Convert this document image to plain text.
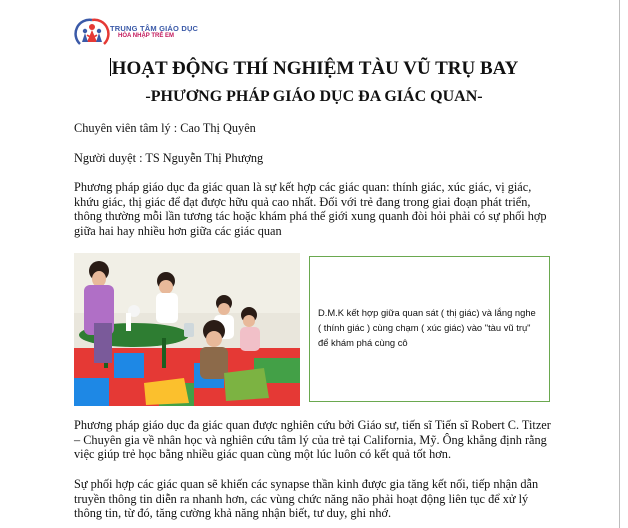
TRUNG TÂM GIÁO DỤC
HÒA NHẬP TRẺ EM
HOẠT ĐỘNG THÍ NGHIỆM TÀU VŨ TRỤ BAY
-PHƯƠNG PHÁP GIÁO DỤC ĐA GIÁC QUAN-
Chuyên viên tâm lý : Cao Thị Quyên
Người duyệt : TS Nguyễn Thị Phượng
Phương pháp giáo dục đa giác quan là sự kết hợp các giác quan: thính giác, xúc giác, vị giác,
khứu giác, thị giác để đạt được hữu quả cao nhất. Đối với trẻ đang trong giai đoạn phát triển,
thông thường mỗi lần tương tác hoặc khám phá thế giới xung quanh đòi hỏi phải có sự phối hợp
giữa hai hay nhiều hơn giữa các giác quan
D.M.K kết hợp giữa quan sát ( thị giác) và lắng nghe ( thính giác ) cùng chạm ( xúc giác) vào "tàu vũ trụ" để khám phá cùng cô
Phương pháp giáo dục đa giác quan được nghiên cứu bởi Giáo sư, tiến sĩ Tiến sĩ Robert C. Titzer
– Chuyên gia về nhân học và nghiên cứu tâm lý của trẻ tại California, Mỹ. Ông khẳng định rằng
việc giúp trẻ học bằng nhiều giác quan cùng một lúc luôn có kết quả tốt hơn.
Sự phối hợp các giác quan sẽ khiến các synapse thần kinh được gia tăng kết nối, tiếp nhận dẫn
truyền thông tin diễn ra nhanh hơn, các vùng chức năng não phải hoạt động liên tục để xử lý
thông tin, từ đó, tăng cường khả năng nhận biết, tư duy, ghi nhớ.
